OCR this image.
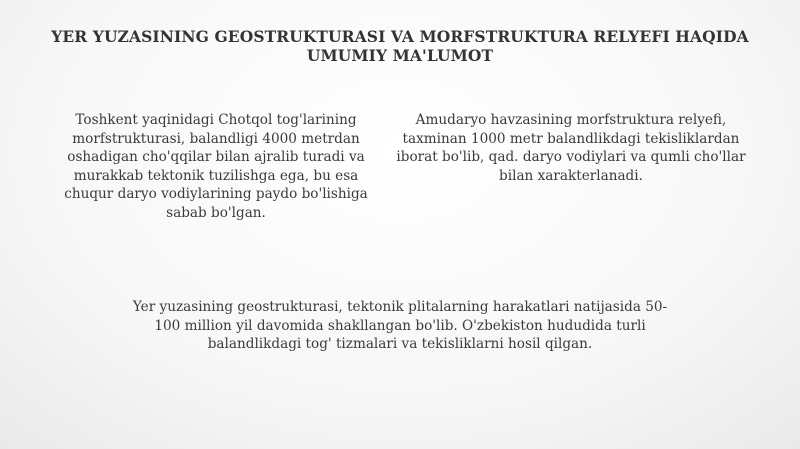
YER YUZASINING GEOSTRUKTURASI VA MORFSTRUKTURA RELYEFI HAQIDA UMUMIY MA'LUMOT
Toshkent yaqinidagi Chotqol tog'larining morfstrukturasi, balandligi 4000 metrdan oshadigan cho'qqilar bilan ajralib turadi va murakkab tektonik tuzilishga ega, bu esa chuqur daryo vodiylarining paydo bo'lishiga sabab bo'lgan.
Amudaryo havzasining morfstruktura relyefi, taxminan 1000 metr balandlikdagi tekisliklardan iborat bo'lib, qad. daryo vodiylari va qumli cho'llar bilan xarakterlanadi.
Yer yuzasining geostrukturasi, tektonik plitalarning harakatlari natijasida 50-100 million yil davomida shakllangan bo'lib. O'zbekiston hududida turli balandlikdagi tog' tizmalari va tekisliklarni hosil qilgan.
